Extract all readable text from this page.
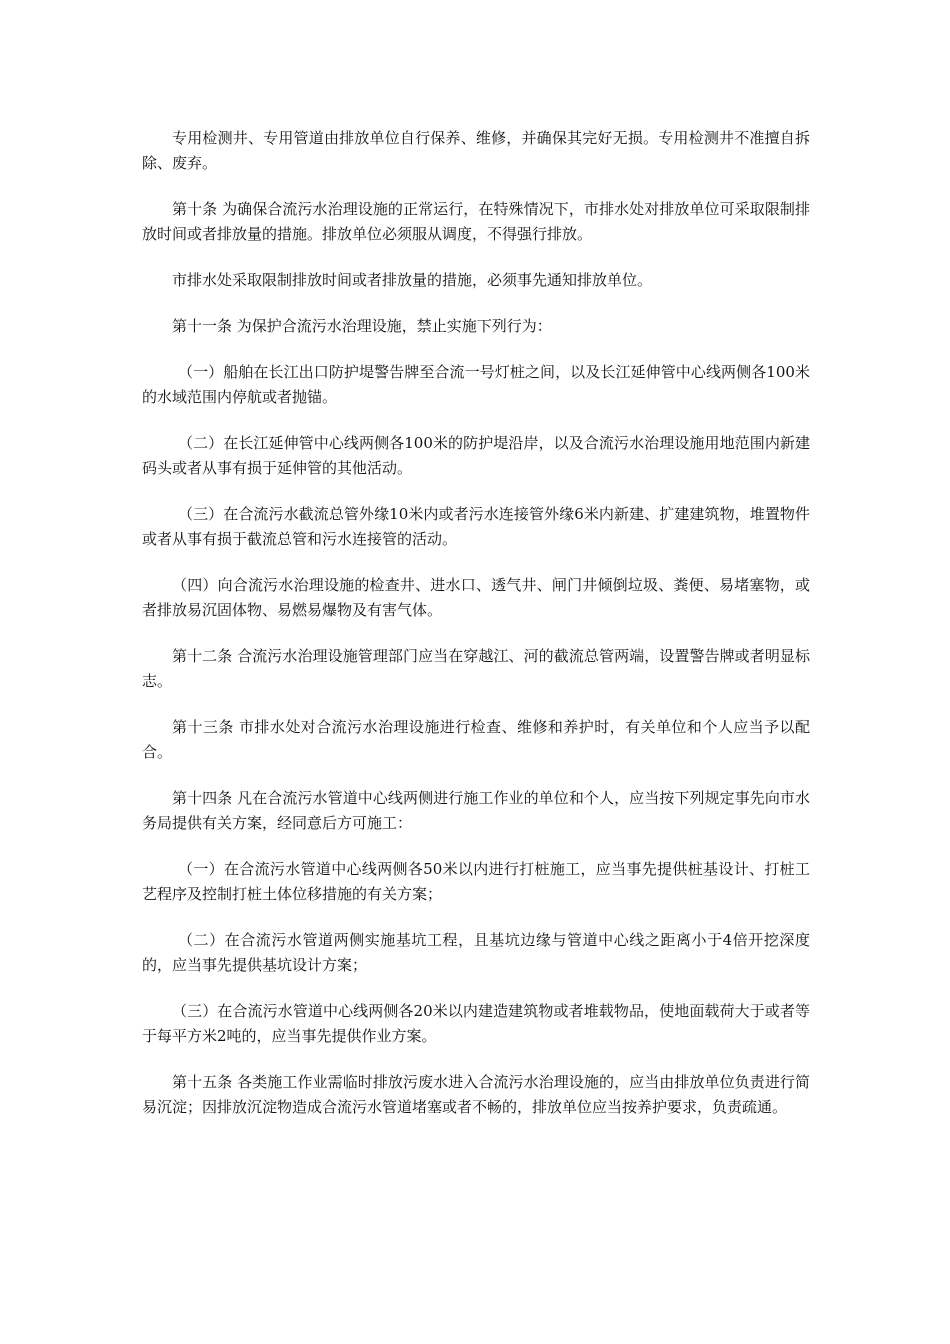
专用检测井、专用管道由排放单位自行保养、维修，并确保其完好无损。专用检测井不准擅自拆除、废弃。

第十条 为确保合流污水治理设施的正常运行，在特殊情况下，市排水处对排放单位可采取限制排放时间或者排放量的措施。排放单位必须服从调度，不得强行排放。

市排水处采取限制排放时间或者排放量的措施，必须事先通知排放单位。

第十一条 为保护合流污水治理设施，禁止实施下列行为：

（一）船舶在长江出口防护堤警告牌至合流一号灯桩之间，以及长江延伸管中心线两侧各100米的水域范围内停航或者抛锚。

（二）在长江延伸管中心线两侧各100米的防护堤沿岸，以及合流污水治理设施用地范围内新建码头或者从事有损于延伸管的其他活动。

（三）在合流污水截流总管外缘10米内或者污水连接管外缘6米内新建、扩建建筑物，堆置物件或者从事有损于截流总管和污水连接管的活动。

（四）向合流污水治理设施的检查井、进水口、透气井、闸门井倾倒垃圾、粪便、易堵塞物，或者排放易沉固体物、易燃易爆物及有害气体。

第十二条 合流污水治理设施管理部门应当在穿越江、河的截流总管两端，设置警告牌或者明显标志。

第十三条 市排水处对合流污水治理设施进行检查、维修和养护时，有关单位和个人应当予以配合。

第十四条 凡在合流污水管道中心线两侧进行施工作业的单位和个人，应当按下列规定事先向市水务局提供有关方案，经同意后方可施工：

（一）在合流污水管道中心线两侧各50米以内进行打桩施工，应当事先提供桩基设计、打桩工艺程序及控制打桩土体位移措施的有关方案；

（二）在合流污水管道两侧实施基坑工程，且基坑边缘与管道中心线之距离小于4倍开挖深度的，应当事先提供基坑设计方案；

（三）在合流污水管道中心线两侧各20米以内建造建筑物或者堆载物品，使地面载荷大于或者等于每平方米2吨的，应当事先提供作业方案。

第十五条 各类施工作业需临时排放污废水进入合流污水治理设施的，应当由排放单位负责进行简易沉淀；因排放沉淀物造成合流污水管道堵塞或者不畅的，排放单位应当按养护要求，负责疏通。
